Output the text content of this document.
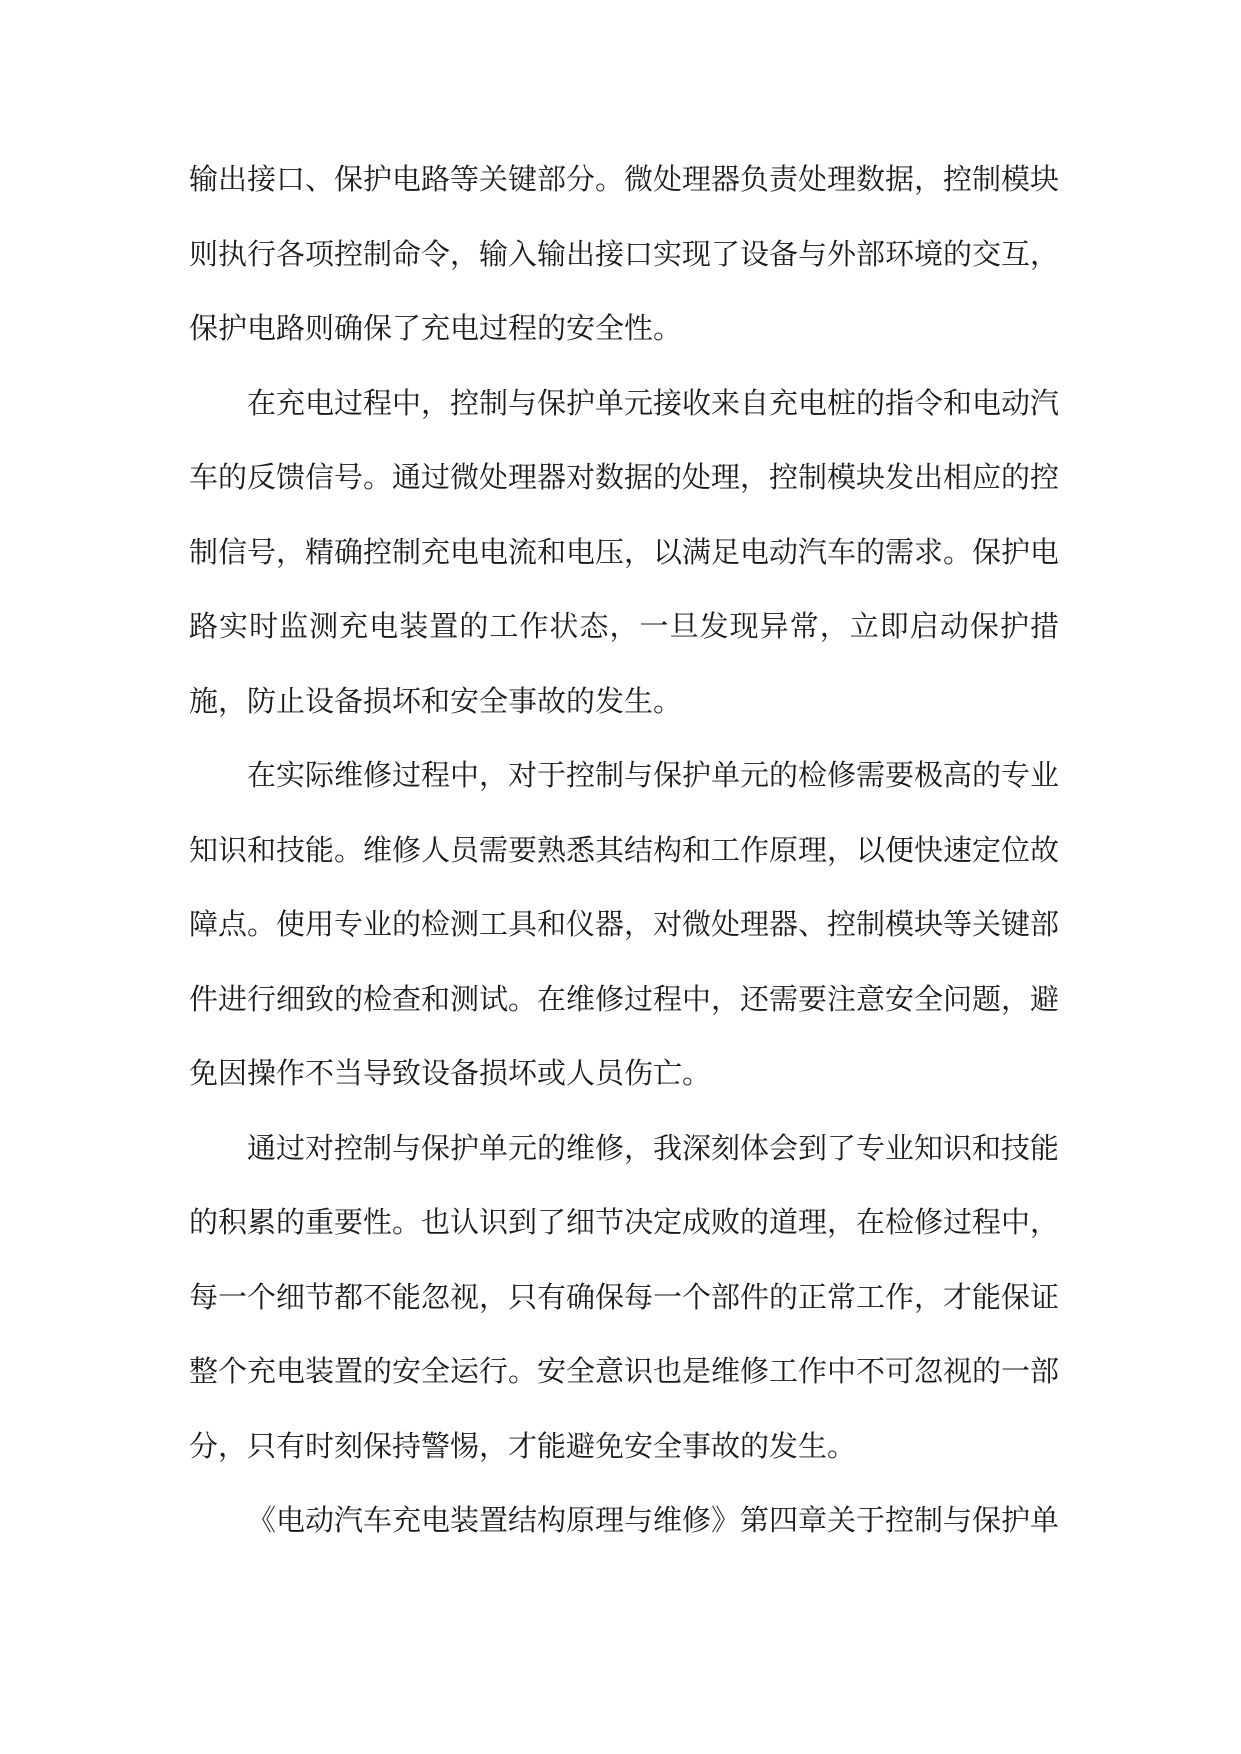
输出接口、保护电路等关键部分。微处理器负责处理数据，控制模块则执行各项控制命令，输入输出接口实现了设备与外部环境的交互，保护电路则确保了充电过程的安全性。

在充电过程中，控制与保护单元接收来自充电桩的指令和电动汽车的反馈信号。通过微处理器对数据的处理，控制模块发出相应的控制信号，精确控制充电电流和电压，以满足电动汽车的需求。保护电路实时监测充电装置的工作状态，一旦发现异常，立即启动保护措施，防止设备损坏和安全事故的发生。

在实际维修过程中，对于控制与保护单元的检修需要极高的专业知识和技能。维修人员需要熟悉其结构和工作原理，以便快速定位故障点。使用专业的检测工具和仪器，对微处理器、控制模块等关键部件进行细致的检查和测试。在维修过程中，还需要注意安全问题，避免因操作不当导致设备损坏或人员伤亡。

通过对控制与保护单元的维修，我深刻体会到了专业知识和技能的积累的重要性。也认识到了细节决定成败的道理，在检修过程中，每一个细节都不能忽视，只有确保每一个部件的正常工作，才能保证整个充电装置的安全运行。安全意识也是维修工作中不可忽视的一部分，只有时刻保持警惕，才能避免安全事故的发生。

《电动汽车充电装置结构原理与维修》第四章关于控制与保护单
